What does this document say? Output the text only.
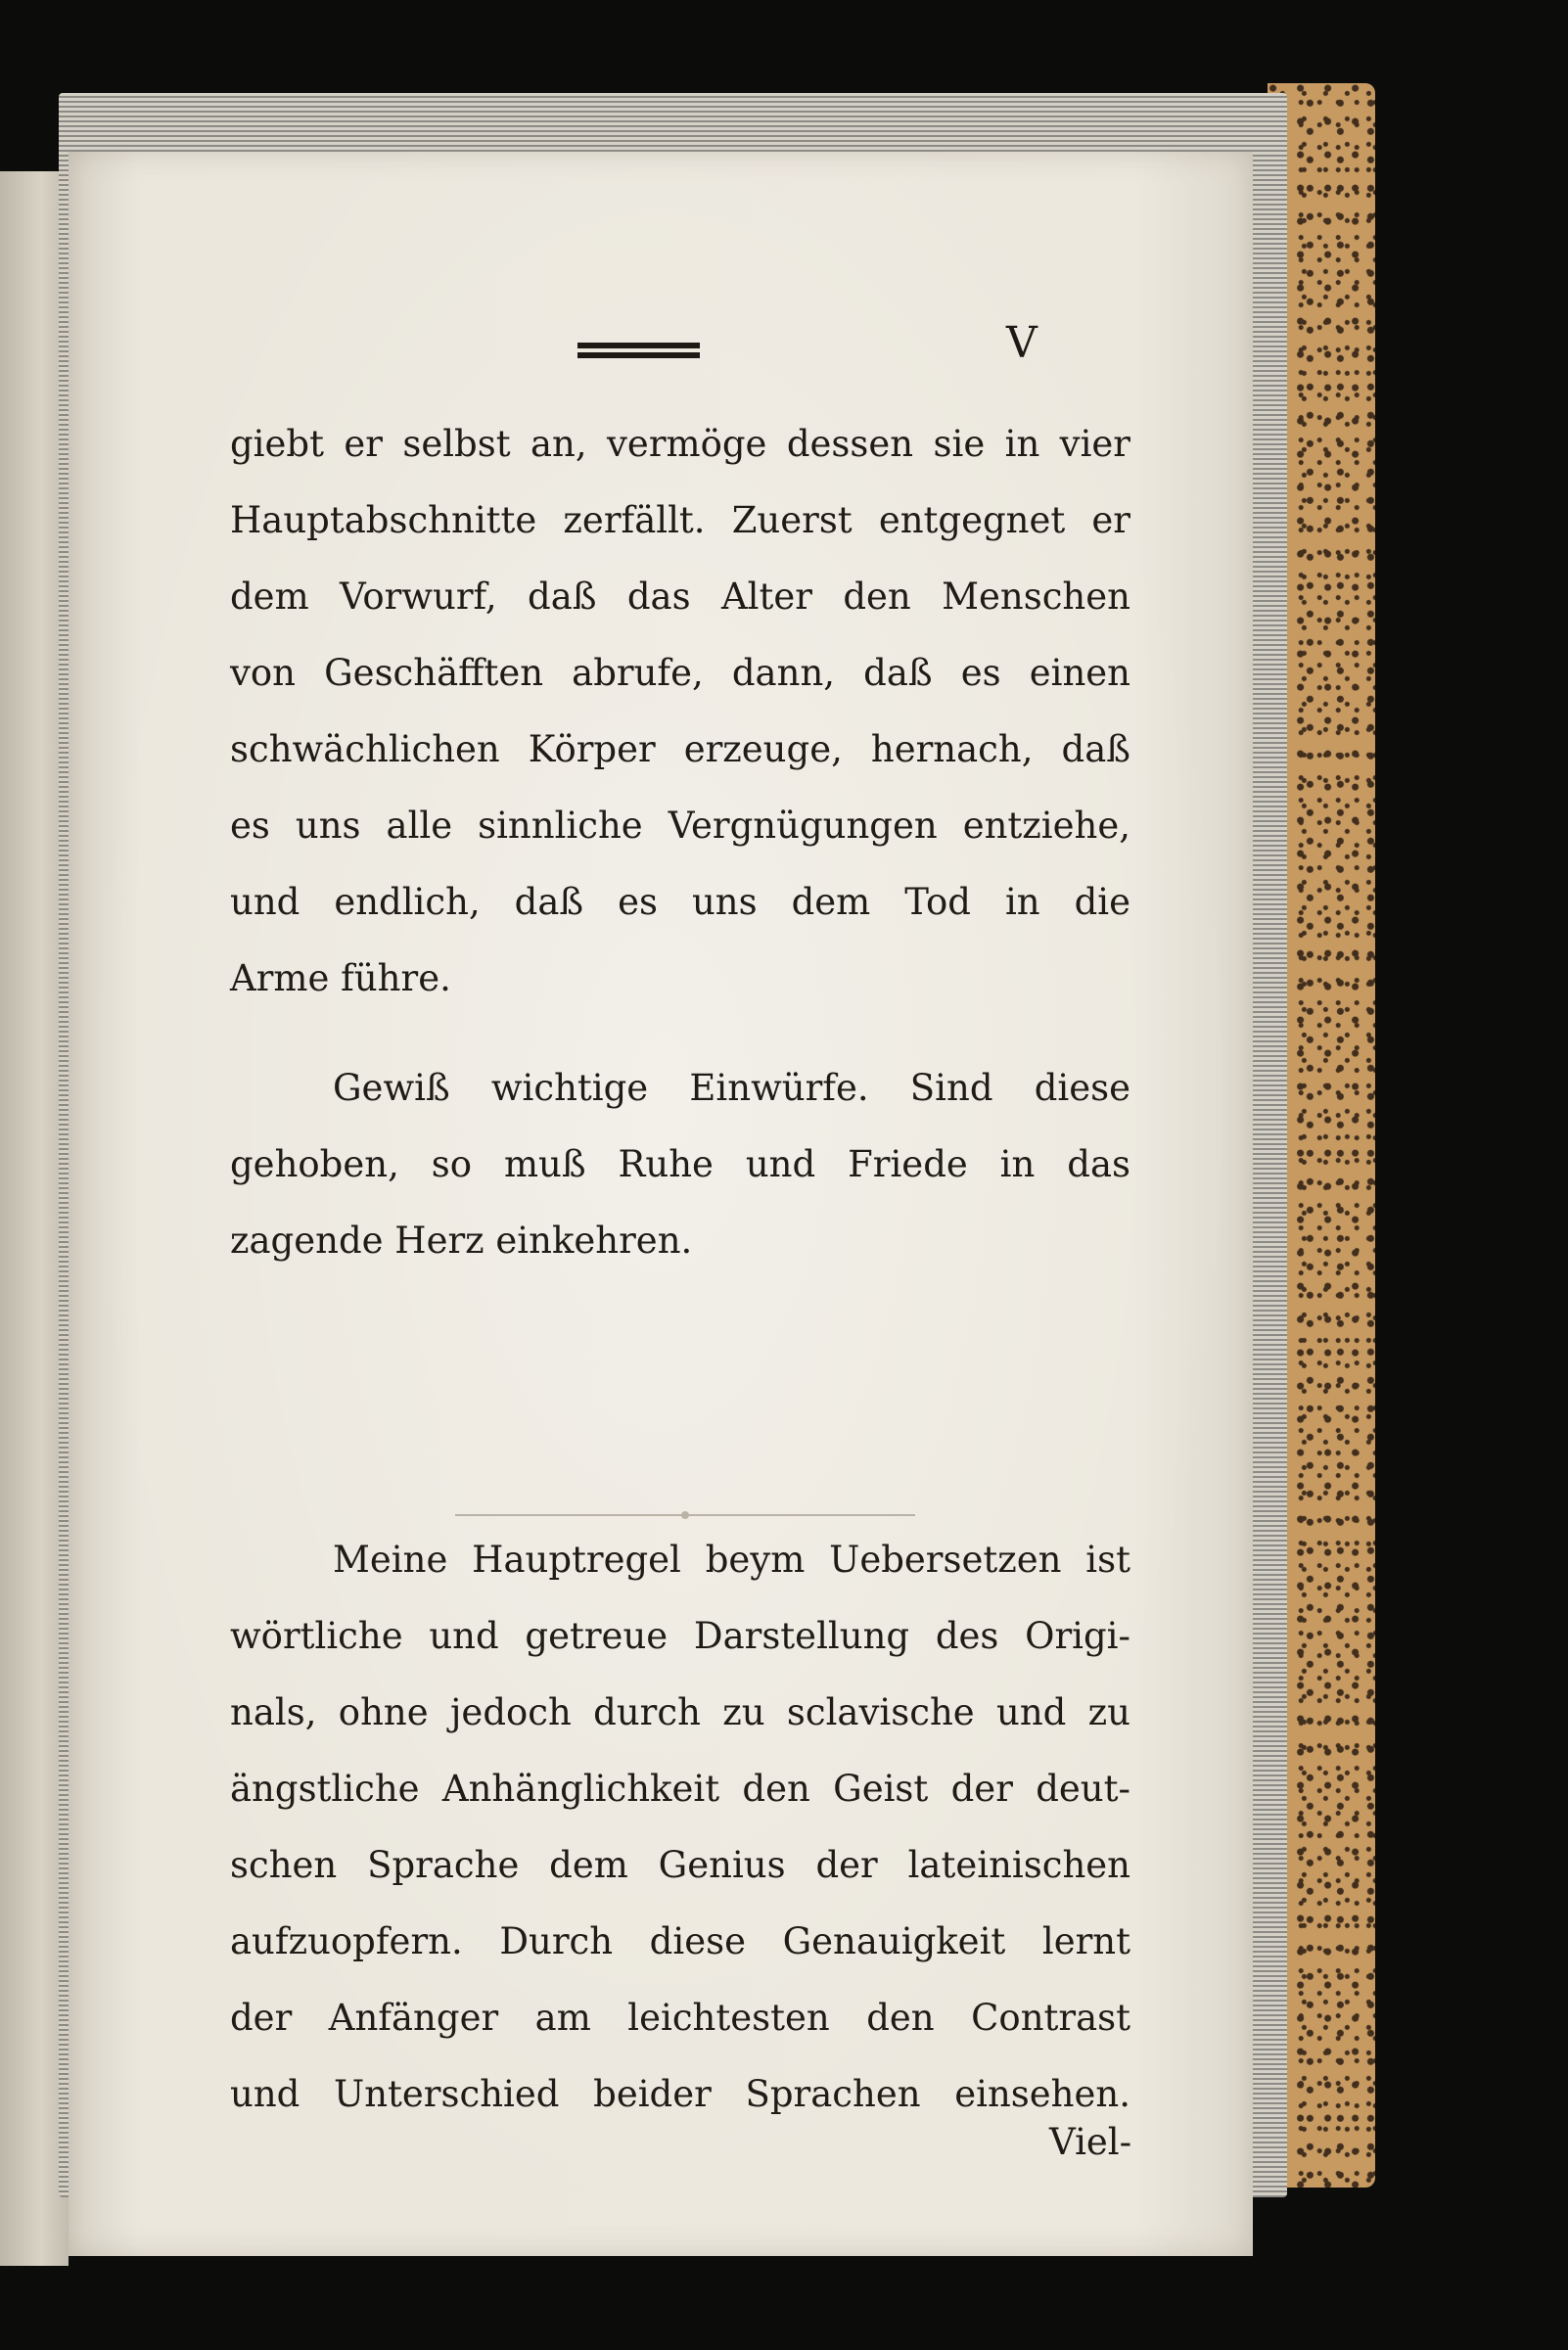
V
giebt er selbst an, vermöge dessen sie in vier
Hauptabschnitte zerfällt. Zuerst entgegnet er
dem Vorwurf, daß das Alter den Menschen
von Geschäfften abrufe, dann, daß es einen
schwächlichen Körper erzeuge, hernach, daß
es uns alle sinnliche Vergnügungen entziehe,
und endlich, daß es uns dem Tod in die
Arme führe.
Gewiß wichtige Einwürfe. Sind diese
gehoben, so muß Ruhe und Friede in das
zagende Herz einkehren.
Meine Hauptregel beym Uebersetzen ist
wörtliche und getreue Darstellung des Origi-
nals, ohne jedoch durch zu sclavische und zu
ängstliche Anhänglichkeit den Geist der deut-
schen Sprache dem Genius der lateinischen
aufzuopfern. Durch diese Genauigkeit lernt
der Anfänger am leichtesten den Contrast
und Unterschied beider Sprachen einsehen.
Viel-
